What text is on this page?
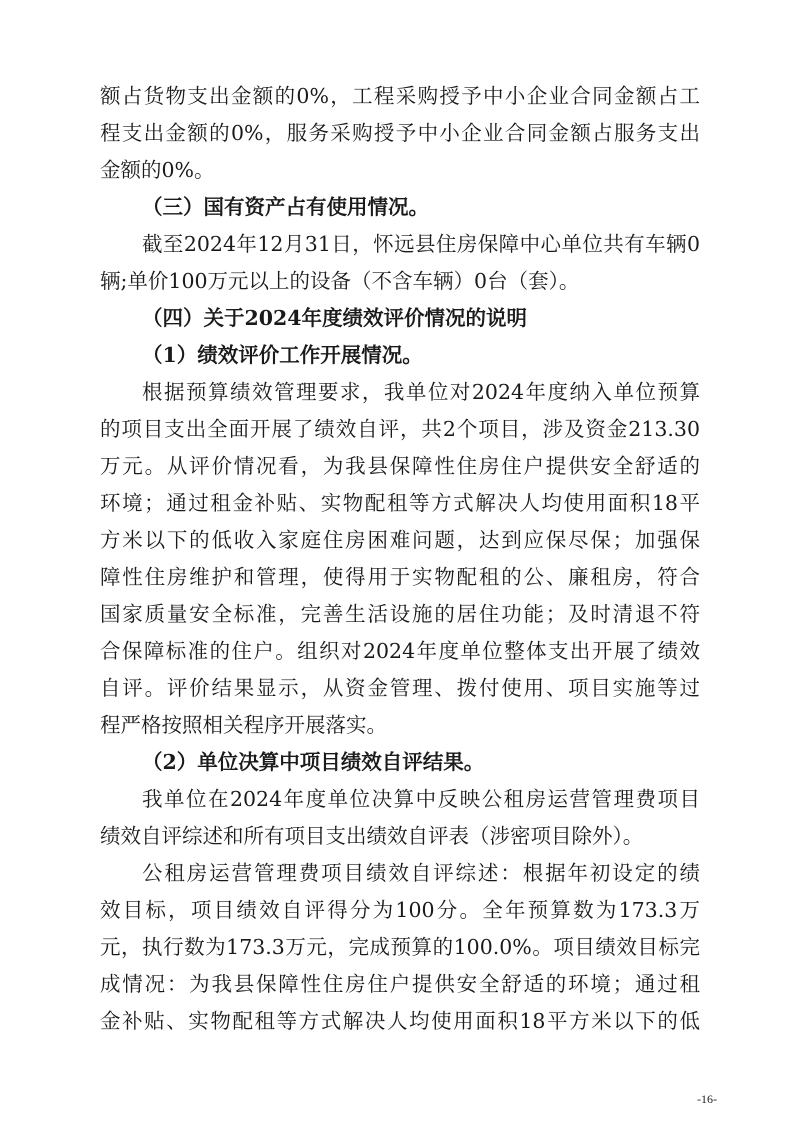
额占货物支出金额的0%，工程采购授予中小企业合同金额占工
程支出金额的0%，服务采购授予中小企业合同金额占服务支出
金额的0%。
（三）国有资产占有使用情况。
截至2024年12月31日，怀远县住房保障中心单位共有车辆0
辆;单价100万元以上的设备（不含车辆）0台（套）。
（四）关于2024年度绩效评价情况的说明
（1）绩效评价工作开展情况。
根据预算绩效管理要求，我单位对2024年度纳入单位预算
的项目支出全面开展了绩效自评，共2个项目，涉及资金213.30
万元。从评价情况看，为我县保障性住房住户提供安全舒适的
环境；通过租金补贴、实物配租等方式解决人均使用面积18平
方米以下的低收入家庭住房困难问题，达到应保尽保；加强保
障性住房维护和管理，使得用于实物配租的公、廉租房，符合
国家质量安全标准，完善生活设施的居住功能；及时清退不符
合保障标准的住户。组织对2024年度单位整体支出开展了绩效
自评。评价结果显示，从资金管理、拨付使用、项目实施等过
程严格按照相关程序开展落实。
（2）单位决算中项目绩效自评结果。
我单位在2024年度单位决算中反映公租房运营管理费项目
绩效自评综述和所有项目支出绩效自评表（涉密项目除外）。
公租房运营管理费项目绩效自评综述：根据年初设定的绩
效目标，项目绩效自评得分为100分。全年预算数为173.3万
元，执行数为173.3万元，完成预算的100.0%。项目绩效目标完
成情况：为我县保障性住房住户提供安全舒适的环境；通过租
金补贴、实物配租等方式解决人均使用面积18平方米以下的低
-16-
